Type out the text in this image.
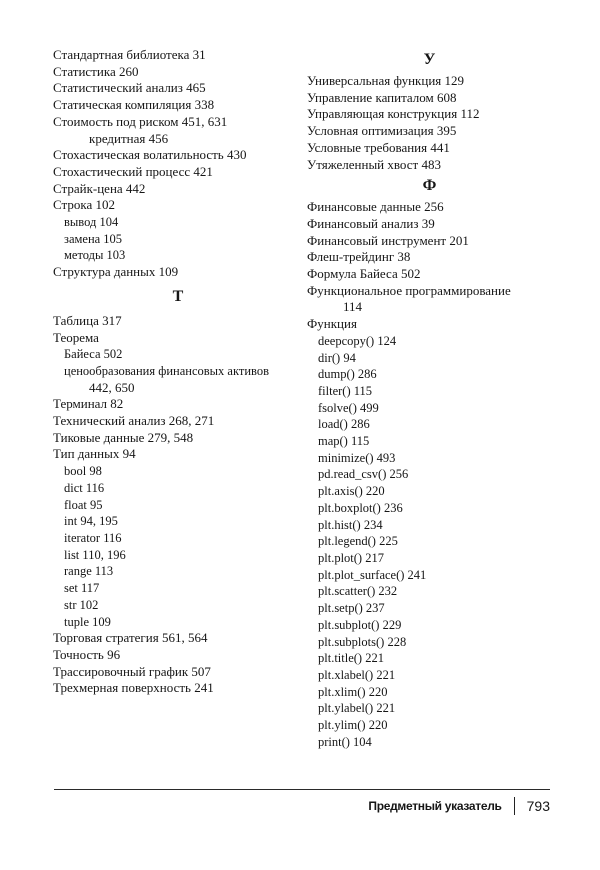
Стандартная библиотека 31
Статистика 260
Статистический анализ 465
Статическая компиляция 338
Стоимость под риском 451, 631
кредитная 456
Стохастическая волатильность 430
Стохастический процесс 421
Страйк-цена 442
Строка 102
вывод 104
замена 105
методы 103
Структура данных 109
Т
Таблица 317
Теорема
Байеса 502
ценообразования финансовых активов
442, 650
Терминал 82
Технический анализ 268, 271
Тиковые данные 279, 548
Тип данных 94
bool 98
dict 116
float 95
int 94, 195
iterator 116
list 110, 196
range 113
set 117
str 102
tuple 109
Торговая стратегия 561, 564
Точность 96
Трассировочный график 507
Трехмерная поверхность 241
У
Универсальная функция 129
Управление капиталом 608
Управляющая конструкция 112
Условная оптимизация 395
Условные требования 441
Утяжеленный хвост 483
Ф
Финансовые данные 256
Финансовый анализ 39
Финансовый инструмент 201
Флеш-трейдинг 38
Формула Байеса 502
Функциональное программирование
114
Функция
deepcopy() 124
dir() 94
dump() 286
filter() 115
fsolve() 499
load() 286
map() 115
minimize() 493
pd.read_csv() 256
plt.axis() 220
plt.boxplot() 236
plt.hist() 234
plt.legend() 225
plt.plot() 217
plt.plot_surface() 241
plt.scatter() 232
plt.setp() 237
plt.subplot() 229
plt.subplots() 228
plt.title() 221
plt.xlabel() 221
plt.xlim() 220
plt.ylabel() 221
plt.ylim() 220
print() 104
Предметный указатель 793
